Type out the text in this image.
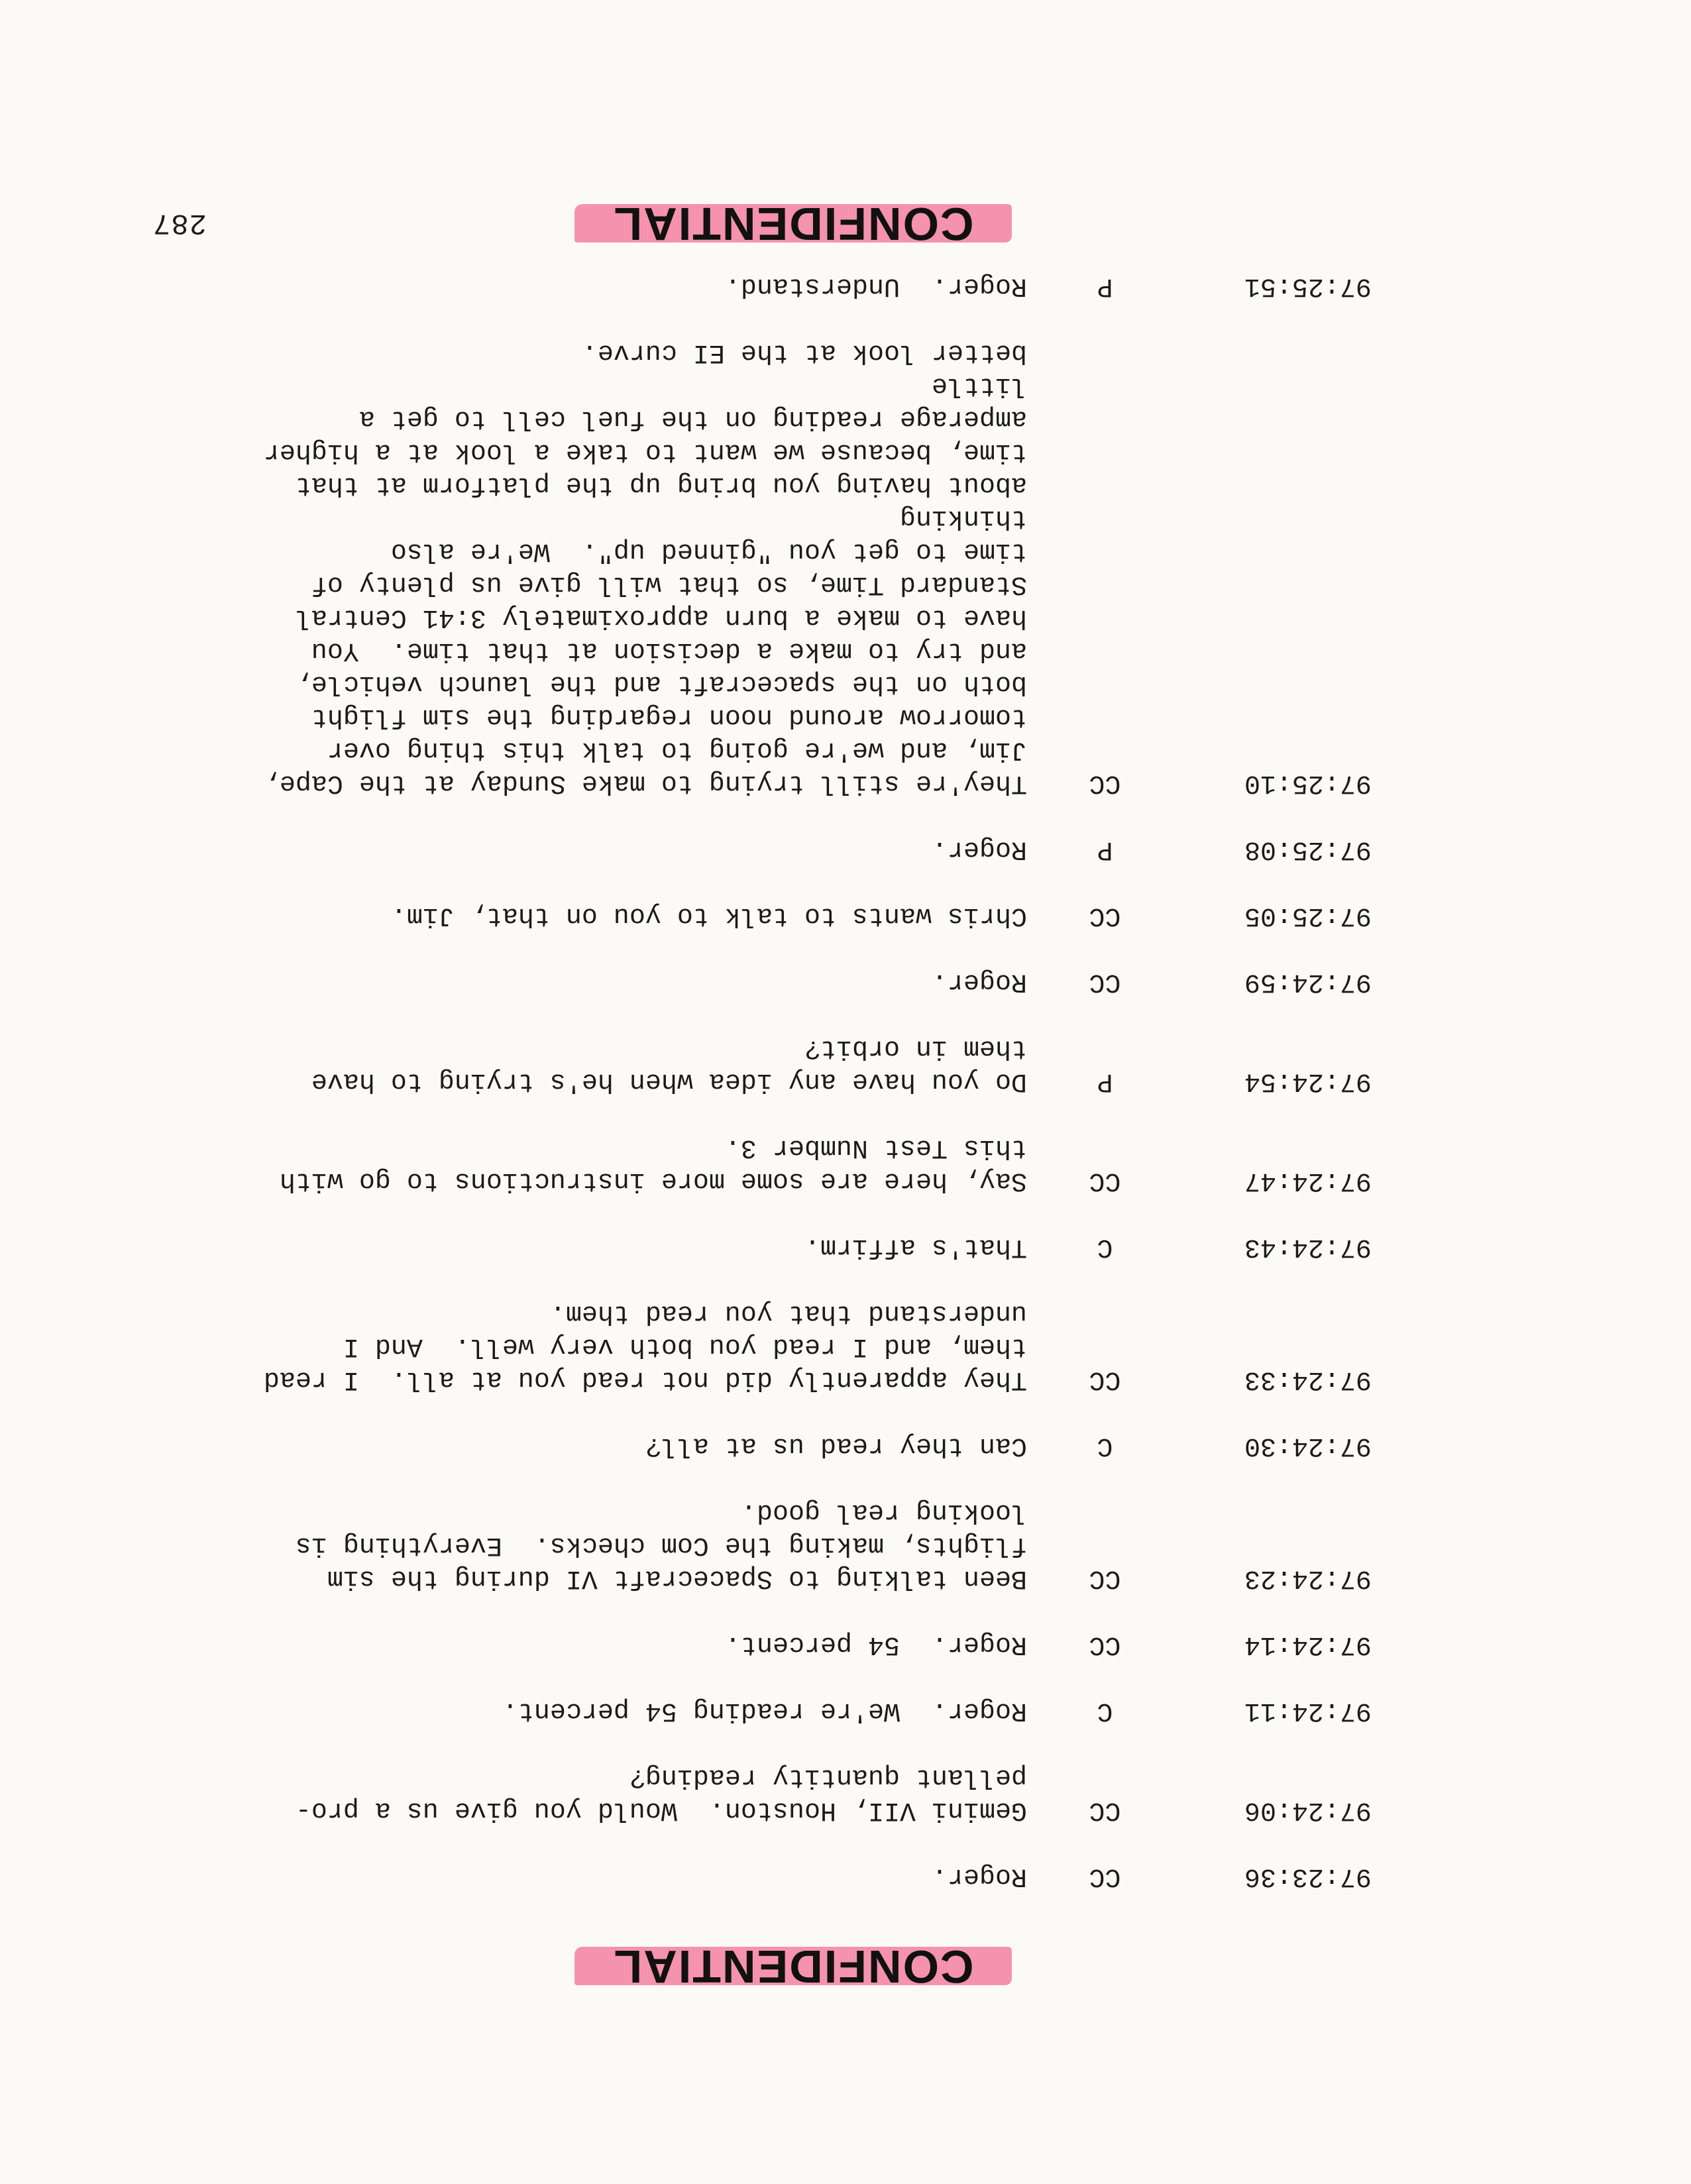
CONFIDENTIAL
287
97:23:36
CC
Roger.
97:24:06
CC
Gemini VII, Houston.  Would you give us a pro-
pellant quantity reading?
97:24:11
C
Roger.  We're reading 54 percent.
97:24:14
CC
Roger.  54 percent.
97:24:23
CC
Been talking to Spacecraft VI during the sim
flights, making the Com checks.  Everything is
looking real good.
97:24:30
C
Can they read us at all?
97:24:33
CC
They apparently did not read you at all.  I read
them, and I read you both very well.  And I
understand that you read them.
97:24:43
C
That's affirm.
97:24:47
CC
Say, here are some more instructions to go with
this Test Number 3.
97:24:54
P
Do you have any idea when he's trying to have
them in orbit?
97:24:59
CC
Roger.
97:25:05
CC
Chris wants to talk to you on that, Jim.
97:25:08
P
Roger.
97:25:10
CC
They're still trying to make Sunday at the Cape,
Jim, and we're going to talk this thing over
tomorrow around noon regarding the sim flight
both on the spacecraft and the launch vehicle,
and try to make a decision at that time.  You
have to make a burn approximately 3:41 Central
Standard Time, so that will give us plenty of
time to get you "ginned up".  We're also thinking
about having you bring up the platform at that
time, because we want to take a look at a higher
amperage reading on the fuel cell to get a little
better look at the EI curve.
97:25:51
P
Roger.  Understand.
CONFIDENTIAL
